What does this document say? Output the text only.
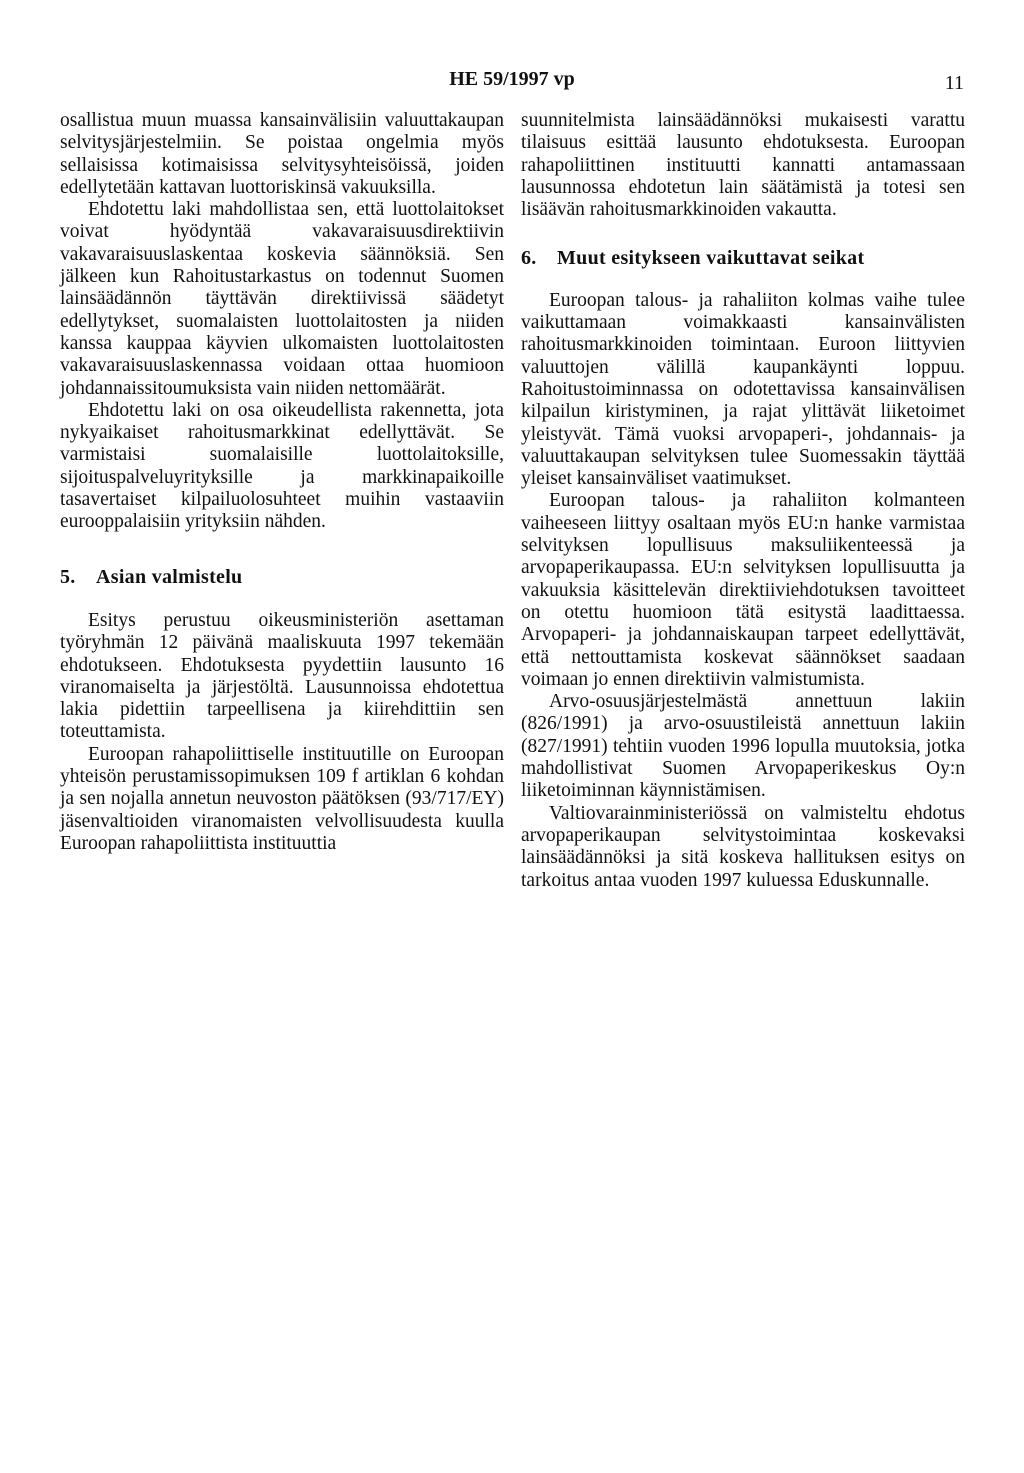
HE 59/1997 vp	11

osallistua muun muassa kansainvälisiin valuuttakaupan selvitysjärjestelmiin. Se poistaa ongelmia myös sellaisissa kotimaisissa selvitysyhteisöissä, joiden edellytetään kattavan luottoriskinsä vakuuksilla.

Ehdotettu laki mahdollistaa sen, että luottolaitokset voivat hyödyntää vakavaraisuusdirektiivin vakavaraisuuslaskentaa koskevia säännöksiä. Sen jälkeen kun Rahoitustarkastus on todennut Suomen lainsäädännön täyttävän direktiivissä säädetyt edellytykset, suomalaisten luottolaitosten ja niiden kanssa kauppaa käyvien ulkomaisten luottolaitosten vakavaraisuuslaskennassa voidaan ottaa huomioon johdannaissitoumuksista vain niiden nettomäärät.

Ehdotettu laki on osa oikeudellista rakennetta, jota nykyaikaiset rahoitusmarkkinat edellyttävät. Se varmistaisi suomalaisille luottolaitoksille, sijoituspalveluyrityksille ja markkinapaikoille tasavertaiset kilpailuolosuhteet muihin vastaaviin eurooppalaisiin yrityksiin nähden.

5. Asian valmistelu

Esitys perustuu oikeusministeriön asettaman työryhmän 12 päivänä maaliskuuta 1997 tekemään ehdotukseen. Ehdotuksesta pyydettiin lausunto 16 viranomaiselta ja järjestöltä. Lausunnoissa ehdotettua lakia pidettiin tarpeellisena ja kiirehdittiin sen toteuttamista.

Euroopan rahapoliittiselle instituutille on Euroopan yhteisön perustamissopimuksen 109 f artiklan 6 kohdan ja sen nojalla annetun neuvoston päätöksen (93/717/EY) jäsenvaltioiden viranomaisten velvollisuudesta kuulla Euroopan rahapoliittista instituuttia

suunnitelmista lainsäädännöksi mukaisesti varattu tilaisuus esittää lausunto ehdotuksesta. Euroopan rahapoliittinen instituutti kannatti antamassaan lausunnossa ehdotetun lain säätämistä ja totesi sen lisäävän rahoitusmarkkinoiden vakautta.

6. Muut esitykseen vaikuttavat seikat

Euroopan talous- ja rahaliiton kolmas vaihe tulee vaikuttamaan voimakkaasti kansainvälisten rahoitusmarkkinoiden toimintaan. Euroon liittyvien valuuttojen välillä kaupankäynti loppuu. Rahoitustoiminnassa on odotettavissa kansainvälisen kilpailun kiristyminen, ja rajat ylittävät liiketoimet yleistyvät. Tämä vuoksi arvopaperi-, johdannais- ja valuuttakaupan selvityksen tulee Suomessakin täyttää yleiset kansainväliset vaatimukset.

Euroopan talous- ja rahaliiton kolmanteen vaiheeseen liittyy osaltaan myös EU:n hanke varmistaa selvityksen lopullisuus maksuliikenteessä ja arvopaperikaupassa. EU:n selvityksen lopullisuutta ja vakuuksia käsittelevän direktiiviehdotuksen tavoitteet on otettu huomioon tätä esitystä laadittaessa. Arvopaperi- ja johdannaiskaupan tarpeet edellyttävät, että nettouttamista koskevat säännökset saadaan voimaan jo ennen direktiivin valmistumista.

Arvo-osuusjärjestelmästä annettuun lakiin (826/1991) ja arvo-osuustileistä annettuun lakiin (827/1991) tehtiin vuoden 1996 lopulla muutoksia, jotka mahdollistivat Suomen Arvopaperikeskus Oy:n liiketoiminnan käynnistämisen.

Valtiovarainministeriössä on valmisteltu ehdotus arvopaperikaupan selvitystoimintaa koskevaksi lainsäädännöksi ja sitä koskeva hallituksen esitys on tarkoitus antaa vuoden 1997 kuluessa Eduskunnalle.
